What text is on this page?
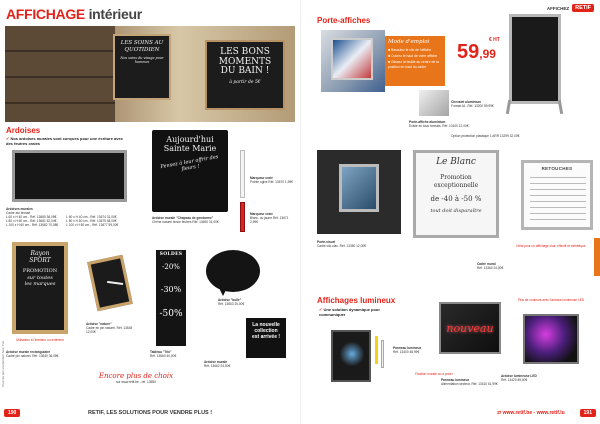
AFFICHAGE intérieur
LES SOINS AU QUOTIDIEN
Nos soins du visage pour hommes
LES BONS
MOMENTS
DU BAIN !
à partir de 5€
Ardoises
✔ Nos ardoises murales sont conçues pour une écriture avec des feutres craies
Ardoises murales
Cadre alu brossé
L 60 x H 40 cm - Réf. 13680 36,08€
L 80 x H 60 cm - Réf. 13681 52,04€
L 100 x H 60 cm - Réf. 13682 70,08€
L 60 x H 40 cm - Réf. 13674 31,00€
L 80 x H 60 cm - Réf. 13675 48,00€
L 100 x H 60 cm - Réf. 13677 59,00€
Aujourd'hui
Sainte Marie
Pensez à leur offrir des fleurs !
Ardoise murale "Chapeau de gendarme"
Chêne naturel tenue feutres Réf. 13650 31,00€
Marqueur craie
Pointe ogive Réf. 13670 1,99€
Marqueur craie
Blanc, ou jaune Réf. 13671 2,99€
Rayon
SPORT
PROMOTION
sur toutes
les marques
Utilisation à l'intérieur ou extérieur
Ardoise murale rectangulaire
Cadre pin naturel. Réf. 13640 36,08€
Ardoise "nature"
Cadre en pin naturel. Réf. 13645 12,00€
SOLDES
-20%
-30%
-50%
Tableau "Trio"
Réf. 13660 40,00€
Ardoise "bulle"
Réf. 13663 25,00€
La nouvelle
collection
est arrivée !
Ardoise murale
Réf. 13662 24,00€
Encore plus de choix
sur www.retif.be - réf. 13650
Tous les prix s'entendent hors TVA
190	RETIF, LES SOLUTIONS POUR VENDRE PLUS !
AFFICHEZ	RETIF
Porte-affiches
Mode d'emploi
■ Basculez le clic de l'affiche
■ Ouvrez le haut de votre affiche
■ Glissez la feuille au centre de la position en haut du cadre
Porte-affiche aluminium
Existe en tous formats. Réf. 13100 12,00€
59,99
€ HT
Chevalet aluminium
Format A1. Réf. 13200 59,99€
Option protection plastique 1 ARR 13299 32,00€
Porte-visuel
Cadre clic-clac. Réf. 13350 12,00€
Le Blanc
Promotion
exceptionnelle
de -40 à -50 %
tout doit disparaître
RETOUCHES
Idéal pour un affichage clair, effectif et esthétique
Cadre mural
Réf. 13360 24,00€
Affichages lumineux
✔ Une solution dynamique pour communiquer
Panneau lumineux
Réf. 13400 48,99€
nouveau
Fixation murale ou à poser
Panneau lumineux
Alimentation secteur. Réf. 13410 61,99€
Plus de couleurs avec l'ardoise lumineuse LED
Ardoise lumineuse LED
Réf. 13420 89,00€
⇄ www.retif.be - www.retif.lu	191
